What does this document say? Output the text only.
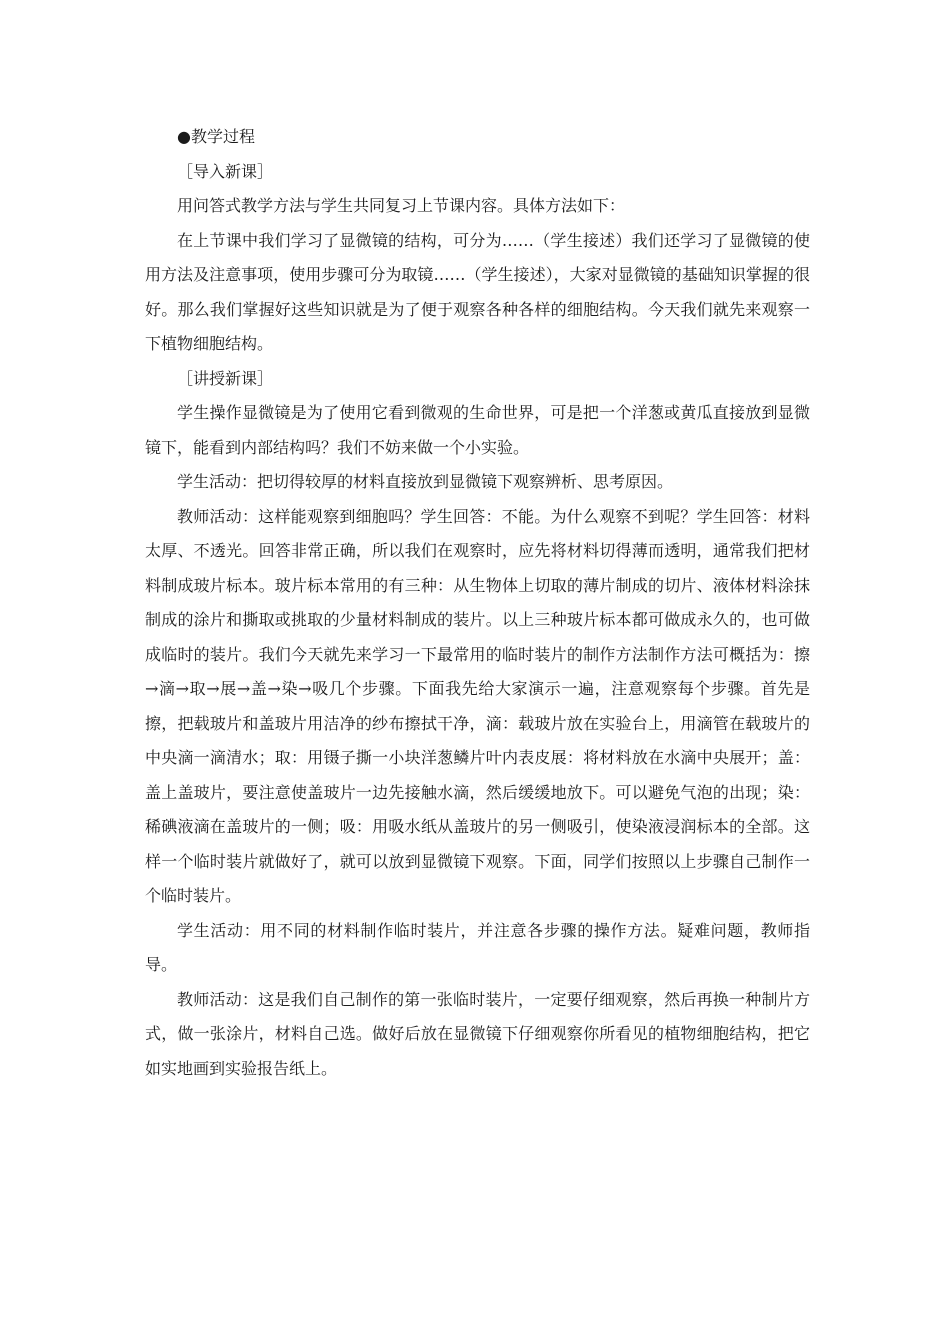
●教学过程

［导入新课］

用问答式教学方法与学生共同复习上节课内容。具体方法如下：

在上节课中我们学习了显微镜的结构，可分为……（学生接述）我们还学习了显微镜的使用方法及注意事项，使用步骤可分为取镜……（学生接述），大家对显微镜的基础知识掌握的很好。那么我们掌握好这些知识就是为了便于观察各种各样的细胞结构。今天我们就先来观察一下植物细胞结构。

［讲授新课］

学生操作显微镜是为了使用它看到微观的生命世界，可是把一个洋葱或黄瓜直接放到显微镜下，能看到内部结构吗？我们不妨来做一个小实验。

学生活动：把切得较厚的材料直接放到显微镜下观察辨析、思考原因。

教师活动：这样能观察到细胞吗？学生回答：不能。为什么观察不到呢？学生回答：材料太厚、不透光。回答非常正确，所以我们在观察时，应先将材料切得薄而透明，通常我们把材料制成玻片标本。玻片标本常用的有三种：从生物体上切取的薄片制成的切片、液体材料涂抹制成的涂片和撕取或挑取的少量材料制成的装片。以上三种玻片标本都可做成永久的，也可做成临时的装片。我们今天就先来学习一下最常用的临时装片的制作方法制作方法可概括为：擦→滴→取→展→盖→染→吸几个步骤。下面我先给大家演示一遍，注意观察每个步骤。首先是擦，把载玻片和盖玻片用洁净的纱布擦拭干净，滴：载玻片放在实验台上，用滴管在载玻片的中央滴一滴清水；取：用镊子撕一小块洋葱鳞片叶内表皮展：将材料放在水滴中央展开；盖：盖上盖玻片，要注意使盖玻片一边先接触水滴，然后缓缓地放下。可以避免气泡的出现；染：稀碘液滴在盖玻片的一侧；吸：用吸水纸从盖玻片的另一侧吸引，使染液浸润标本的全部。这样一个临时装片就做好了，就可以放到显微镜下观察。下面，同学们按照以上步骤自己制作一个临时装片。

学生活动：用不同的材料制作临时装片，并注意各步骤的操作方法。疑难问题，教师指导。

教师活动：这是我们自己制作的第一张临时装片，一定要仔细观察，然后再换一种制片方式，做一张涂片，材料自己选。做好后放在显微镜下仔细观察你所看见的植物细胞结构，把它如实地画到实验报告纸上。
